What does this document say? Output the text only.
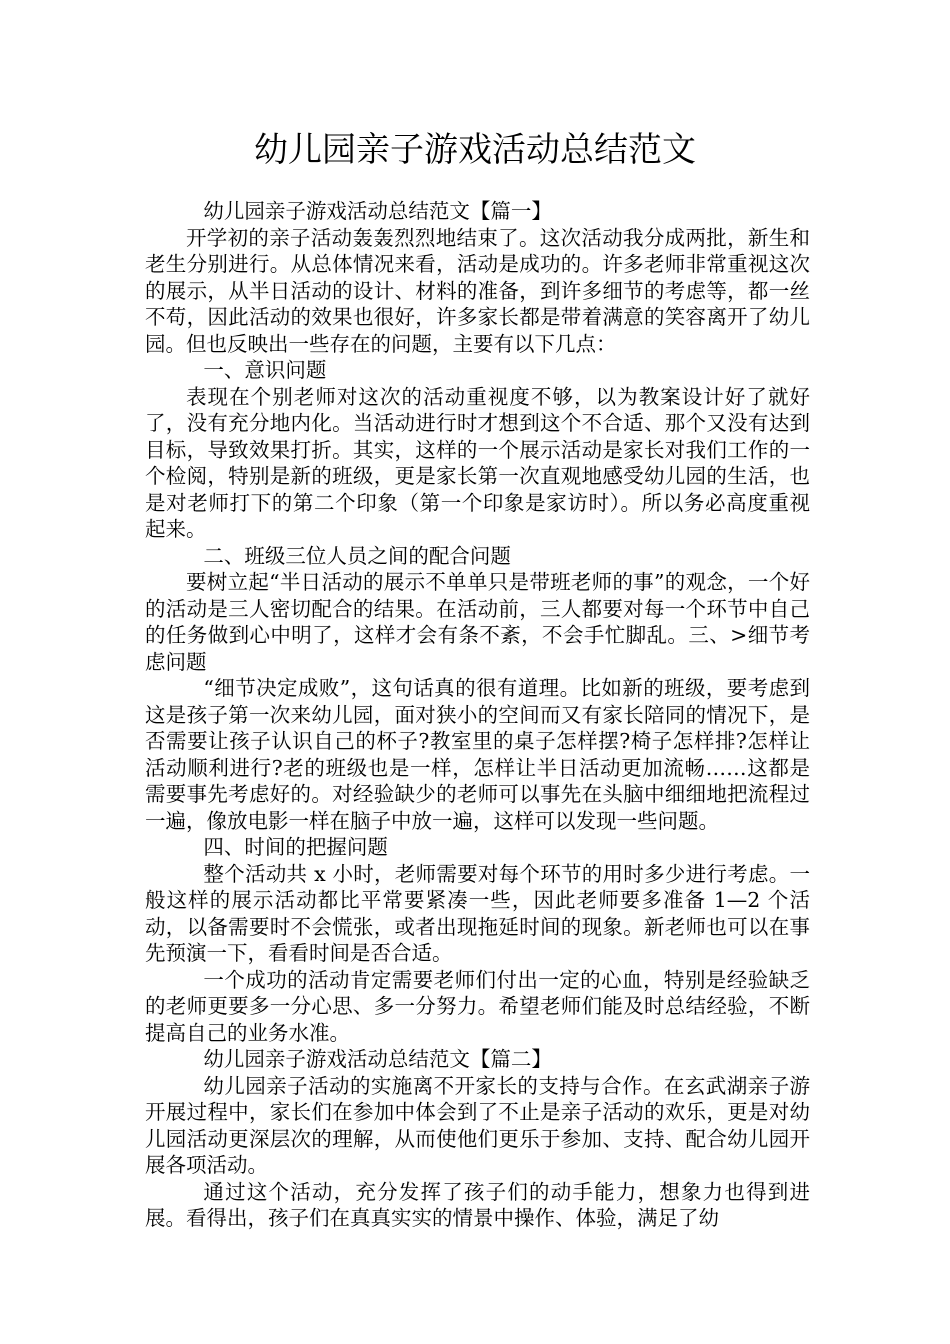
幼儿园亲子游戏活动总结范文

幼儿园亲子游戏活动总结范文【篇一】

开学初的亲子活动轰轰烈烈地结束了。这次活动我分成两批，新生和老生分别进行。从总体情况来看，活动是成功的。许多老师非常重视这次的展示，从半日活动的设计、材料的准备，到许多细节的考虑等，都一丝不苟，因此活动的效果也很好，许多家长都是带着满意的笑容离开了幼儿园。但也反映出一些存在的问题，主要有以下几点：

一、意识问题

表现在个别老师对这次的活动重视度不够，以为教案设计好了就好了，没有充分地内化。当活动进行时才想到这个不合适、那个又没有达到目标，导致效果打折。其实，这样的一个展示活动是家长对我们工作的一个检阅，特别是新的班级，更是家长第一次直观地感受幼儿园的生活，也是对老师打下的第二个印象（第一个印象是家访时）。所以务必高度重视起来。

二、班级三位人员之间的配合问题

要树立起“半日活动的展示不单单只是带班老师的事”的观念，一个好的活动是三人密切配合的结果。在活动前，三人都要对每一个环节中自己的任务做到心中明了，这样才会有条不紊，不会手忙脚乱。三、>细节考虑问题

“细节决定成败”，这句话真的很有道理。比如新的班级，要考虑到这是孩子第一次来幼儿园，面对狭小的空间而又有家长陪同的情况下，是否需要让孩子认识自己的杯子?教室里的桌子怎样摆?椅子怎样排?怎样让活动顺利进行?老的班级也是一样，怎样让半日活动更加流畅……这都是需要事先考虑好的。对经验缺少的老师可以事先在头脑中细细地把流程过一遍，像放电影一样在脑子中放一遍，这样可以发现一些问题。

四、时间的把握问题

整个活动共 x 小时，老师需要对每个环节的用时多少进行考虑。一般这样的展示活动都比平常要紧凑一些，因此老师要多准备 1—2 个活动，以备需要时不会慌张，或者出现拖延时间的现象。新老师也可以在事先预演一下，看看时间是否合适。

一个成功的活动肯定需要老师们付出一定的心血，特别是经验缺乏的老师更要多一分心思、多一分努力。希望老师们能及时总结经验，不断提高自己的业务水准。

幼儿园亲子游戏活动总结范文【篇二】

幼儿园亲子活动的实施离不开家长的支持与合作。在玄武湖亲子游开展过程中，家长们在参加中体会到了不止是亲子活动的欢乐，更是对幼儿园活动更深层次的理解，从而使他们更乐于参加、支持、配合幼儿园开展各项活动。

通过这个活动，充分发挥了孩子们的动手能力，想象力也得到进展。看得出，孩子们在真真实实的情景中操作、体验，满足了幼
